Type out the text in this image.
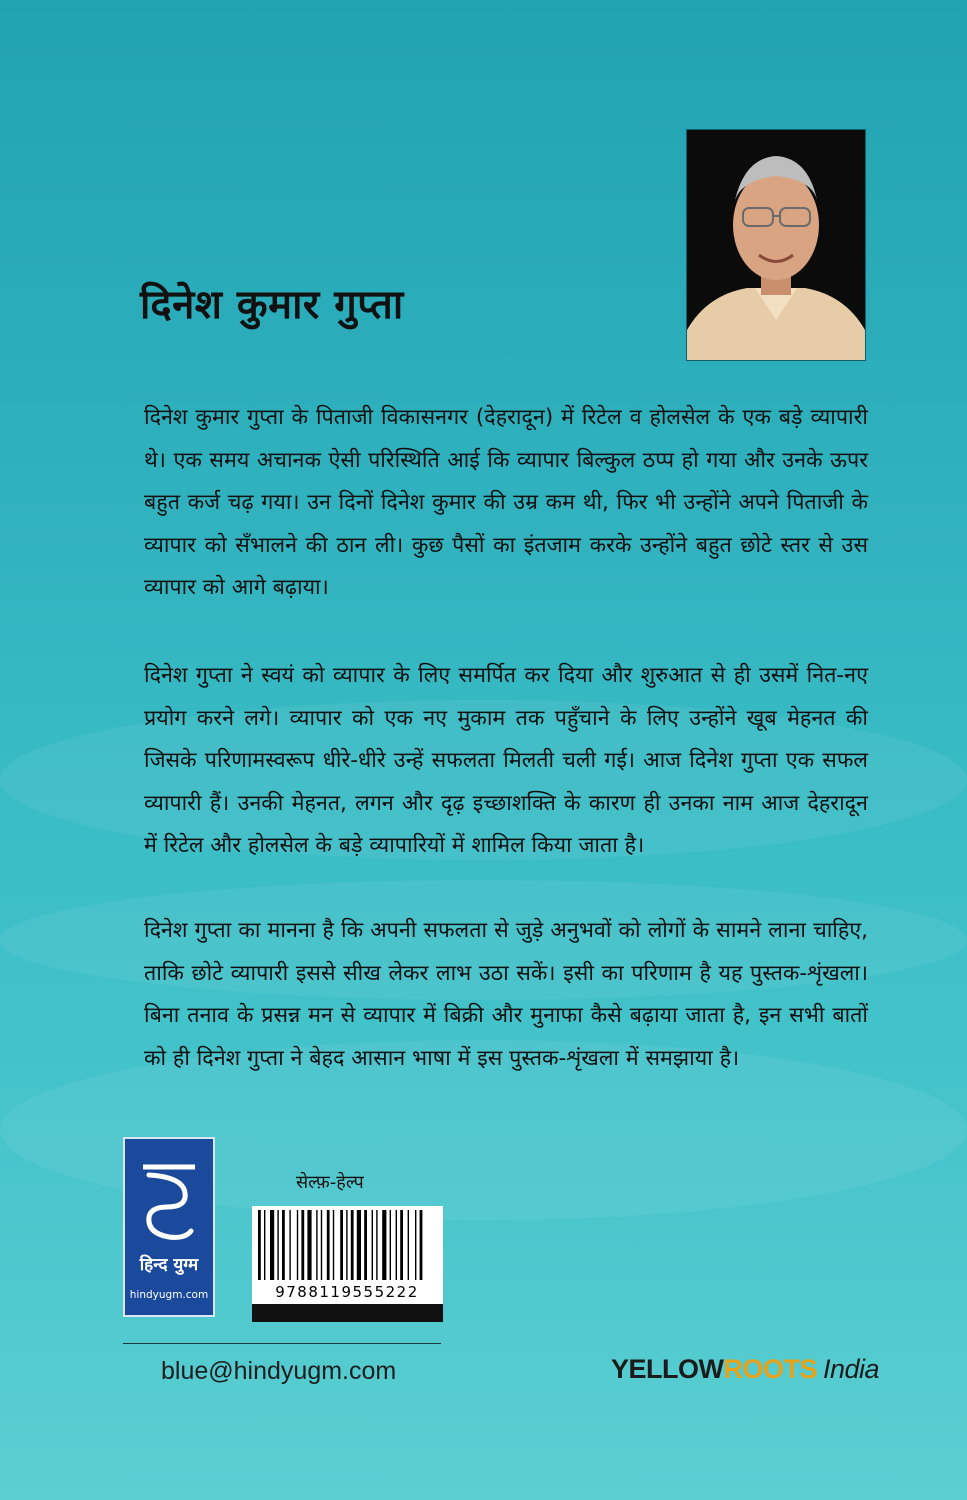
दिनेश कुमार गुप्ता

दिनेश कुमार गुप्ता के पिताजी विकासनगर (देहरादून) में रिटेल व होलसेल के एक बड़े व्यापारी थे। एक समय अचानक ऐसी परिस्थिति आई कि व्यापार बिल्कुल ठप्प हो गया और उनके ऊपर बहुत कर्ज चढ़ गया। उन दिनों दिनेश कुमार की उम्र कम थी, फिर भी उन्होंने अपने पिताजी के व्यापार को सँभालने की ठान ली। कुछ पैसों का इंतजाम करके उन्होंने बहुत छोटे स्तर से उस व्यापार को आगे बढ़ाया।

दिनेश गुप्ता ने स्वयं को व्यापार के लिए समर्पित कर दिया और शुरुआत से ही उसमें नित-नए प्रयोग करने लगे। व्यापार को एक नए मुकाम तक पहुँचाने के लिए उन्होंने खूब मेहनत की जिसके परिणामस्वरूप धीरे-धीरे उन्हें सफलता मिलती चली गई। आज दिनेश गुप्ता एक सफल व्यापारी हैं। उनकी मेहनत, लगन और दृढ़ इच्छाशक्ति के कारण ही उनका नाम आज देहरादून में रिटेल और होलसेल के बड़े व्यापारियों में शामिल किया जाता है।

दिनेश गुप्ता का मानना है कि अपनी सफलता से जुड़े अनुभवों को लोगों के सामने लाना चाहिए, ताकि छोटे व्यापारी इससे सीख लेकर लाभ उठा सकें। इसी का परिणाम है यह पुस्तक-शृंखला। बिना तनाव के प्रसन्न मन से व्यापार में बिक्री और मुनाफा कैसे बढ़ाया जाता है, इन सभी बातों को ही दिनेश गुप्ता ने बेहद आसान भाषा में इस पुस्तक-शृंखला में समझाया है।

हिन्द युग्म
hindyugm.com
सेल्फ़-हेल्प
9788119555222
blue@hindyugm.com	YELLOWROOTS India
